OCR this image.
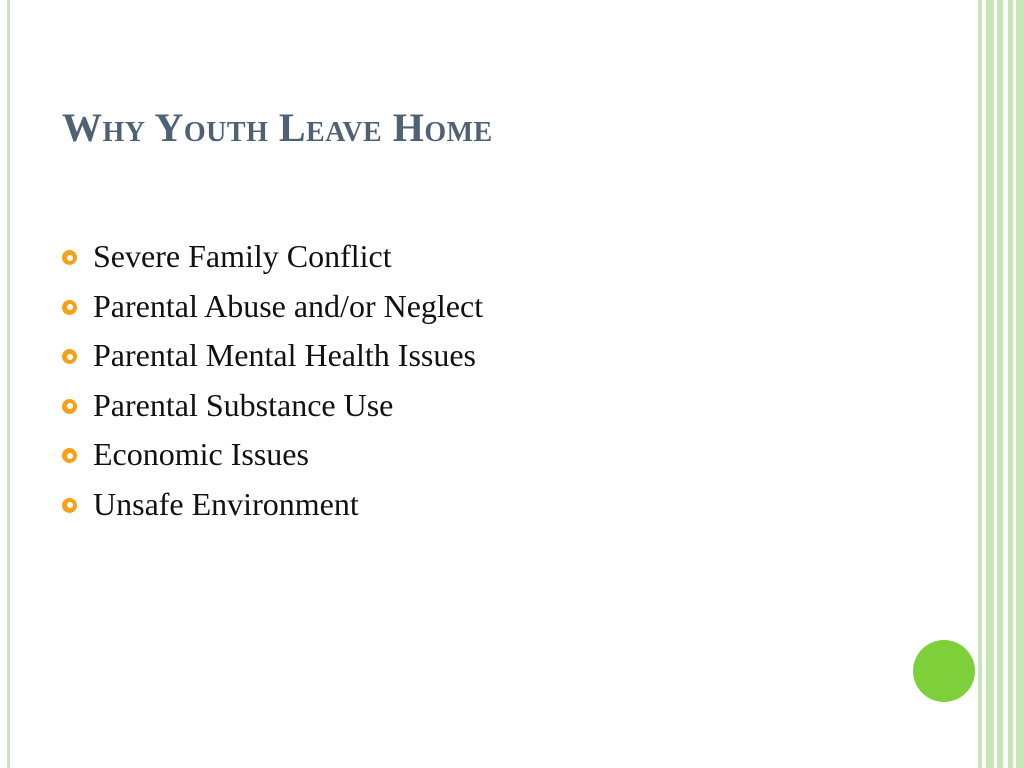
Why Youth Leave Home
Severe Family Conflict
Parental Abuse and/or Neglect
Parental Mental Health Issues
Parental Substance Use
Economic Issues
Unsafe Environment
